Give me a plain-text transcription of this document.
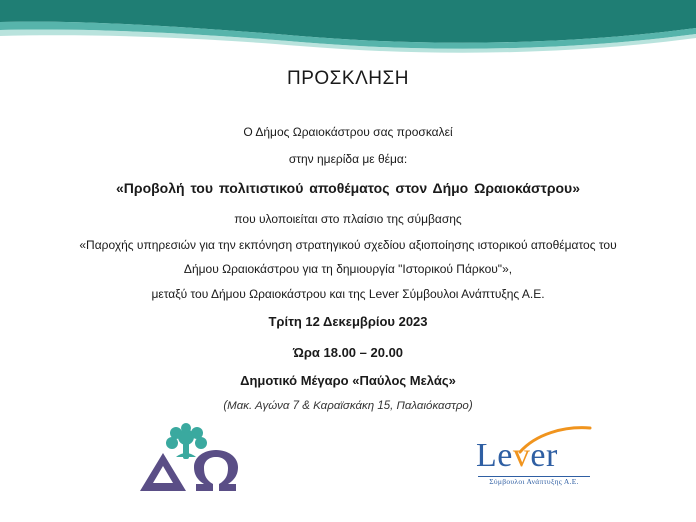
ΠΡΟΣΚΛΗΣΗ
Ο Δήμος Ωραιοκάστρου σας προσκαλεί
στην ημερίδα με θέμα:
«Προβολή του πολιτιστικού αποθέματος στον Δήμο Ωραιοκάστρου»
που υλοποιείται στο πλαίσιο της σύμβασης
«Παροχής υπηρεσιών για την εκπόνηση στρατηγικού σχεδίου αξιοποίησης ιστορικού αποθέματος του
Δήμου Ωραιοκάστρου για τη δημιουργία "Ιστορικού Πάρκου"»,
μεταξύ του Δήμου Ωραιοκάστρου και της Lever Σύμβουλοι Ανάπτυξης Α.Ε.
Τρίτη 12 Δεκεμβρίου 2023
Ώρα 18.00 – 20.00
Δημοτικό Μέγαρο «Παύλος Μελάς»
(Μακ. Αγώνα 7 & Καραϊσκάκη 15, Παλαιόκαστρο)
ΔΩ
Lever
Σύμβουλοι Ανάπτυξης Α.Ε.
